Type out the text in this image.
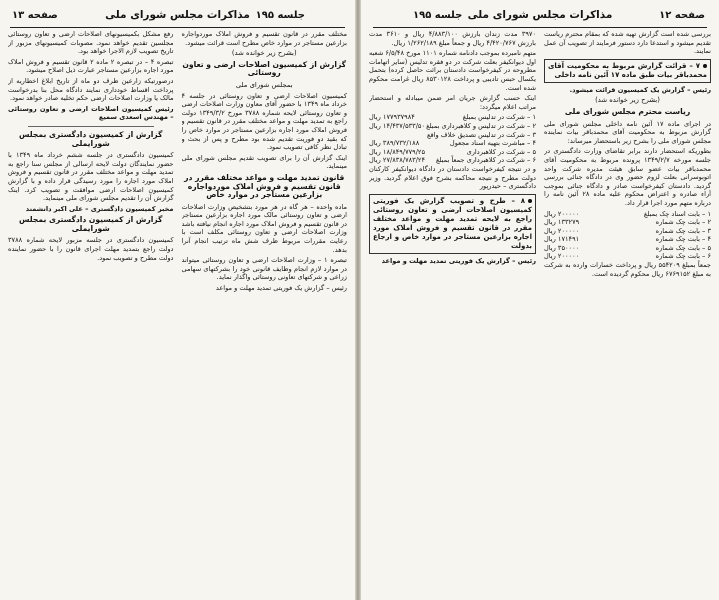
صفحه ۱۳	مذاکرات مجلس شورای ملی جلسه ۱۹۵

مختلف مقرر در قانون تقسیم و فروش املاک موردواجاره بزارعین مستاجر در موارد خاص مطرح است قرائت میشود.

(بشرح زیر خوانده شد)
گزارش از کمیسیون اصلاحات ارضی و تعاون روستائی
بمجلس شورای ملی

کمیسیون اصلاحات ارضی و تعاون روستائی در جلسه ۴ خرداد ماه ۱۳۴۹ با حضور آقای معاون وزارت اصلاحات ارضی و تعاون روستائی لایحه شماره ۳۷۸۸ مورخ ۱۳۴۹/۳/۲ دولت راجع به تمدید مهلت و مواعد مختلف مقرر در قانون تقسیم و فروش املاک مورد اجاره بزارعین مستاجر در موارد خاص را که بقید دو فوریت تقدیم شده بود مطرح و پس از بحث و تبادل نظر کافی تصویب نمود.

اینک گزارش آن را برای تصویب تقدیم مجلس شورای ملی مینماید.

قانون تمدید مهلت و مواعد مختلف مقرر در قانون تقسیم و فروش املاک موردواجاره بزارعین مستاجر در موارد خاص

ماده واحده – هر گاه در هر مورد بتشخیص وزارت اصلاحات ارضی و تعاون روستائی مالک مورد اجاره بزارعین مستاجر در قانون تقسیم و فروش املاک مورد اجاره انجام نیافته باشد وزارت اصلاحات ارضی و تعاون روستائی مکلف است با رعایت مقررات مربوط ظرف شش ماه ترتیب انجام آنرا بدهد.

تبصره ۱ – وزارت اصلاحات ارضی و تعاون روستائی میتواند در موارد لازم انجام وظایف قانونی خود را بشرکتهای سهامی زراعی و شرکتهای تعاونی روستائی واگذار نماید.

رئیس – گزارش یک فوریتی تمدید مهلت و مواعد

رفع مشکل بکمیسیونهای اصلاحات ارضی و تعاون روستائی مجلسین تقدیم خواهد نمود. مصوبات کمیسیونهای مزبور از تاریخ تصویب لازم الاجرا خواهد بود.

تبصره ۴ – در تبصره ۲ ماده ۲ قانون تقسیم و فروش املاک مورد اجاره بزارعین مستاجر عبارت ذیل اصلاح میشود.

درصورتیکه زارعین ظرف دو ماه از تاریخ ابلاغ اخطاریه از پرداخت اقساط خودداری نمایند دادگاه محل بنا بدرخواست مالک یا وزارت اصلاحات ارضی حکم تخلیه صادر خواهد نمود.

رئیس کمیسیون اصلاحات ارضی و تعاون روستائی – مهندس اسعدی سمیع

گزارش از کمیسیون دادگستری بمجلس شورایملی

کمیسیون دادگستری در جلسه ششم خرداد ماه ۱۳۴۹ با حضور نمایندگان دولت لایحه ارسالی از مجلس سنا راجع به تمدید مهلت و مواعد مختلف مقرر در قانون تقسیم و فروش املاک مورد اجاره را مورد رسیدگی قرار داده و با گزارش کمیسیون اصلاحات ارضی موافقت و تصویب کرد. اینک گزارش آن را تقدیم مجلس شورای ملی مینماید.

مخبر کمیسیون دادگستری – علی اکبر دانشمند

گزارش از کمیسیون دادگستری بمجلس شورایملی

کمیسیون دادگستری در جلسه مزبور لایحه شماره ۳۷۸۸ دولت راجع بتمدید مهلت اجرای قانون را با حضور نماینده دولت مطرح و تصویب نمود.

صفحه ۱۲
مذاکرات مجلس شورای ملی
جلسه ۱۹۵

بررسی شده است گزارش تهیه شده که بمقام محترم ریاست تقدیم میشود و استدعا دارد دستور فرمایند از تصویب آن عمل نمایند.

۷ – قرائت گزارش مربوط به محکومیت آقای محمدباقر بیات طبق ماده ۱۷ آئین نامه داخلی

رئیس – گزارش یک کمیسیون قرائت میشود.

(بشرح زیر خوانده شد)
ریاست محترم مجلس شورای ملی

در اجرای ماده ۱۷ آئین نامه داخلی مجلس شورای ملی گزارش مربوط به محکومیت آقای محمدباقر بیات نماینده مجلس شورای ملی را بشرح زیر باستحضار میرساند:

بطوریکه استحضار دارند برابر تقاضای وزارت دادگستری در جلسه مورخه ۱۳۴۹/۲/۷ پرونده مربوط به محکومیت آقای محمدباقر بیات عضو سابق هیئت مدیره شرکت واحد اتوبوسرانی بعلت لزوم حضور وی در دادگاه جنائی بررسی گردید. دادستان کیفرخواست صادر و دادگاه جنائی بموجب آراء صادره و اعتراض محکوم علیه ماده ۲۸ آئین نامه را درباره متهم مورد اجرا قرار داد.

۱ – بابت اسناد چک بمبلغ
۲۰۰۰۰۰ ریال
۲ – بابت چک شماره
۱۳۳۲۷۹ ریال
۳ – بابت چک شماره
۲۰۰۰۰۰ ریال
۴ – بابت چک شماره
۱۷۱۴۹۱ ریال
۵ – بابت چک شماره
۳۵۰۰۰۰ ریال
۶ – بابت چک شماره
۲۰۰۰۰۰ ریال

جمعاً بمبلغ ۵۵۴۲۰۹ ریال و پرداخت خسارات وارده به شرکت به مبلغ ۶۷۶۹۱۵۲ ریال محکوم گردیده است.

۳۹۷۰ مدت زندان بارزش ۴/۸۸۳/۱۰۰ ریال و ۳۶۱۰ مدت بارزش ۴/۴۲۰/۷۶۷ ریال و جمعاً مبلغ ۱/۲۶۲/۱۸۹ ریال.

متهم نامبرده بموجب دادنامه شماره ۱۱۰۱ مورخ ۶/۵/۴۸ شعبه اول دیوانکیفر بعلت شرکت در دو فقره تدلیس (سایر اتهامات مطروحه در کیفرخواست دادستان برائت حاصل کرده) بتحمل یکسال حبس تادیبی و پرداخت ۸۵۳۰۱۲۸ ریال غرامت محکوم شده است.

اینک حسب گزارش جریان امر ضمن میبادله و استحضار مراتب اعلام میگردد:

۱ – شرکت در تدلیس بمبلغ
۱۷۷۹۳۷۹۸۴ ریال
۲ – شرکت در تدلیس و کلاهبرداری بمبلغ
۱۴/۴۳۷/۵۳۳/۵۰ ریال
۳ – شرکت در تدلیس تصدیق خلاف واقع
۴ – مباشرت بتهیه اسناد مجعول
۳۸۹/۷۳۲/۱۸۸ ریال
۵ – شرکت در کلاهبرداری
۱۸/۸۴۹/۷۷۹/۲۵ ریال
۶ – شرکت در کلاهبرداری جمعاً بمبلغ
۲۷/۸۳۸/۷۸۳/۲۴ ریال

و در نتیجه کیفرخواست دادستان در دادگاه دیوانکیفر کارکنان دولت مطرح و نتیجه محاکمه بشرح فوق اعلام گردید. وزیر دادگستری – حیدرپور

۸ – طرح و تصویب گزارش یک فوریتی کمیسیون اصلاحات ارضی و تعاون روستائی راجع به لایحه تمدید مهلت و مواعد مختلف مقرر در قانون تقسیم و فروش املاک مورد اجاره بزارعین مستاجر در موارد خاص و ارجاع بدولت

رئیس – گزارش یک فوریتی تمدید مهلت و مواعد
